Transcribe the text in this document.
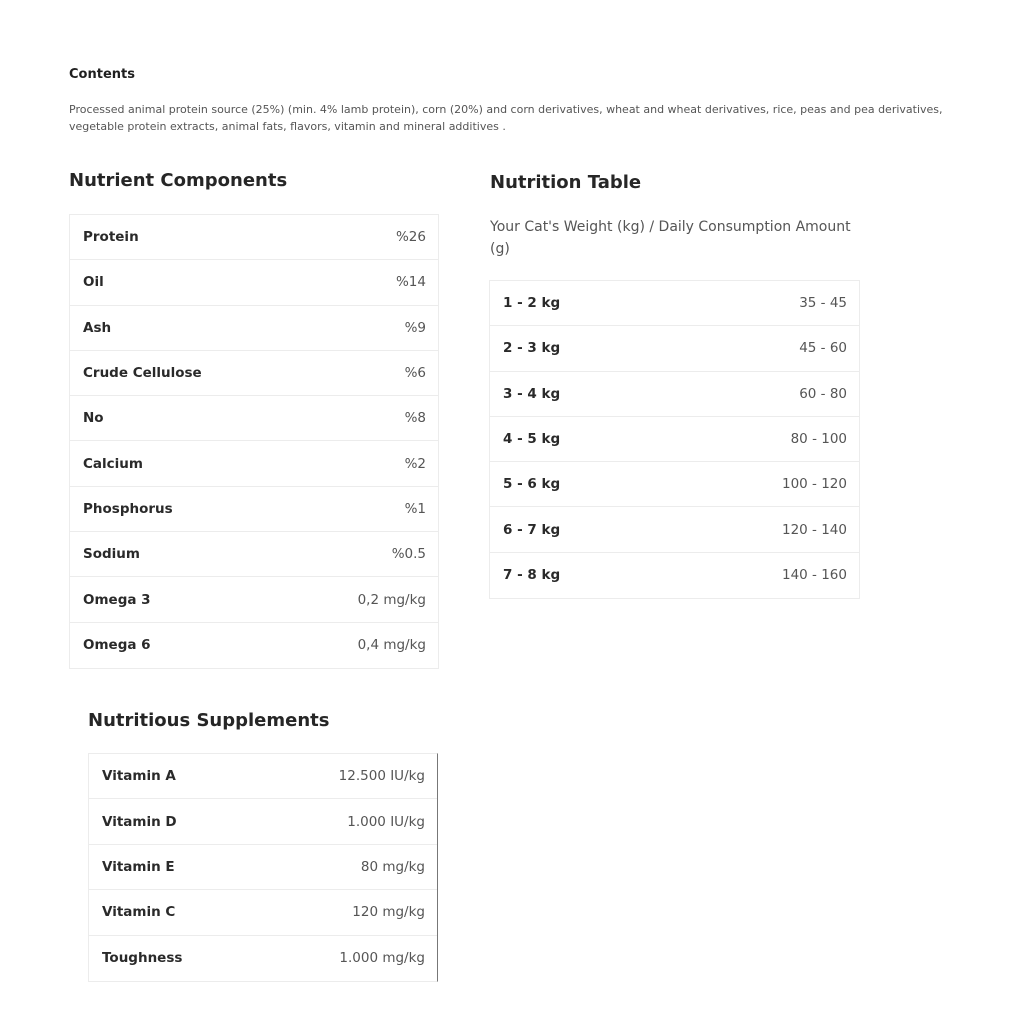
Contents
Processed animal protein source (25%) (min. 4% lamb protein), corn (20%) and corn derivatives, wheat and wheat derivatives, rice, peas and pea derivatives, vegetable protein extracts, animal fats, flavors, vitamin and mineral additives .
Nutrient Components
Protein	%26
Oil	%14
Ash	%9
Crude Cellulose	%6
No	%8
Calcium	%2
Phosphorus	%1
Sodium	%0.5
Omega 3	0,2 mg/kg
Omega 6	0,4 mg/kg
Nutrition Table
Your Cat's Weight (kg) / Daily Consumption Amount (g)
1 - 2 kg	35 - 45
2 - 3 kg	45 - 60
3 - 4 kg	60 - 80
4 - 5 kg	80 - 100
5 - 6 kg	100 - 120
6 - 7 kg	120 - 140
7 - 8 kg	140 - 160
Nutritious Supplements
Vitamin A	12.500 IU/kg
Vitamin D	1.000 IU/kg
Vitamin E	80 mg/kg
Vitamin C	120 mg/kg
Toughness	1.000 mg/kg
